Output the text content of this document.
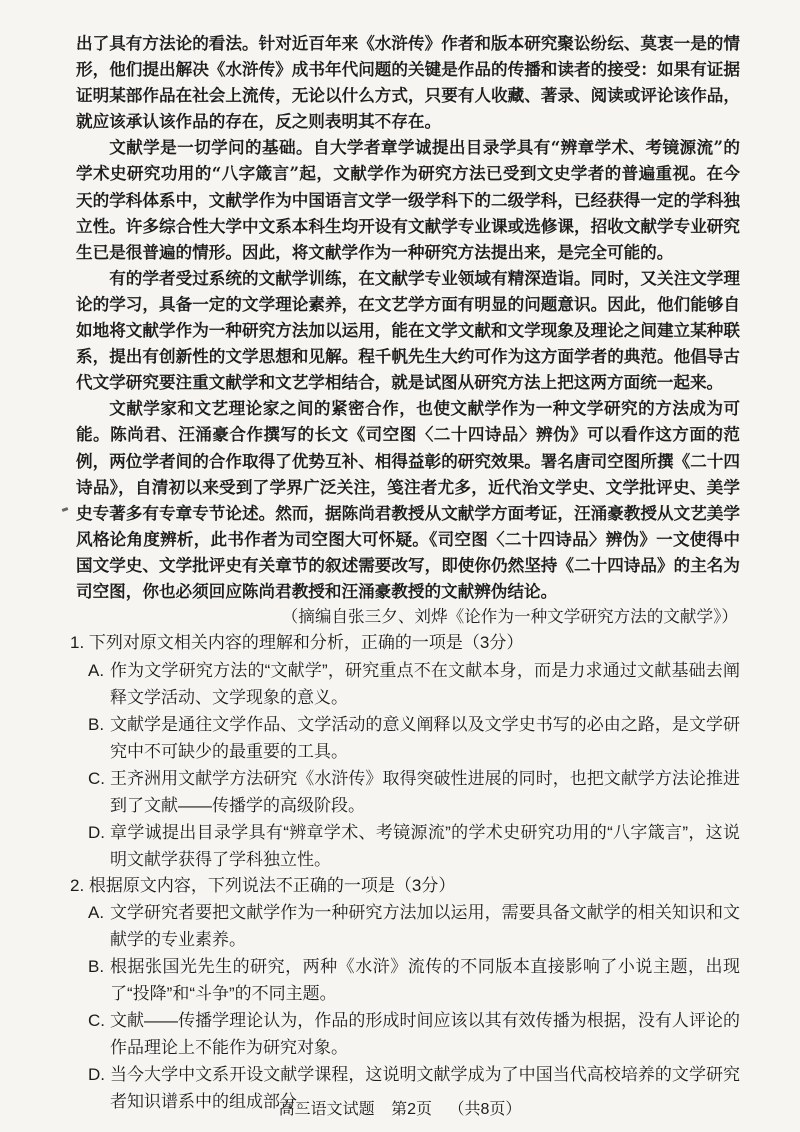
出了具有方法论的看法。针对近百年来《水浒传》作者和版本研究聚讼纷纭、莫衷一是的情形，他们提出解决《水浒传》成书年代问题的关键是作品的传播和读者的接受：如果有证据证明某部作品在社会上流传，无论以什么方式，只要有人收藏、著录、阅读或评论该作品，就应该承认该作品的存在，反之则表明其不存在。

文献学是一切学问的基础。自大学者章学诚提出目录学具有“辨章学术、考镜源流”的学术史研究功用的“八字箴言”起，文献学作为研究方法已受到文史学者的普遍重视。在今天的学科体系中，文献学作为中国语言文学一级学科下的二级学科，已经获得一定的学科独立性。许多综合性大学中文系本科生均开设有文献学专业课或选修课，招收文献学专业研究生已是很普遍的情形。因此，将文献学作为一种研究方法提出来，是完全可能的。

有的学者受过系统的文献学训练，在文献学专业领域有精深造诣。同时，又关注文学理论的学习，具备一定的文学理论素养，在文艺学方面有明显的问题意识。因此，他们能够自如地将文献学作为一种研究方法加以运用，能在文学文献和文学现象及理论之间建立某种联系，提出有创新性的文学思想和见解。程千帆先生大约可作为这方面学者的典范。他倡导古代文学研究要注重文献学和文艺学相结合，就是试图从研究方法上把这两方面统一起来。

文献学家和文艺理论家之间的紧密合作，也使文献学作为一种文学研究的方法成为可能。陈尚君、汪涌豪合作撰写的长文《司空图〈二十四诗品〉辨伪》可以看作这方面的范例，两位学者间的合作取得了优势互补、相得益彰的研究效果。署名唐司空图所撰《二十四诗品》，自清初以来受到了学界广泛关注，笺注者尤多，近代治文学史、文学批评史、美学史专著多有专章专节论述。然而，据陈尚君教授从文献学方面考证，汪涌豪教授从文艺美学风格论角度辨析，此书作者为司空图大可怀疑。《司空图〈二十四诗品〉辨伪》一文使得中国文学史、文学批评史有关章节的叙述需要改写，即使你仍然坚持《二十四诗品》的主名为司空图，你也必须回应陈尚君教授和汪涌豪教授的文献辨伪结论。

（摘编自张三夕、刘烨《论作为一种文学研究方法的文献学》）

1. 下列对原文相关内容的理解和分析，正确的一项是（3分）

A. 作为文学研究方法的“文献学”，研究重点不在文献本身，而是力求通过文献基础去阐释文学活动、文学现象的意义。
B. 文献学是通往文学作品、文学活动的意义阐释以及文学史书写的必由之路，是文学研究中不可缺少的最重要的工具。
C. 王齐洲用文献学方法研究《水浒传》取得突破性进展的同时，也把文献学方法论推进到了文献——传播学的高级阶段。
D. 章学诚提出目录学具有“辨章学术、考镜源流”的学术史研究功用的“八字箴言”，这说明文献学获得了学科独立性。

2. 根据原文内容，下列说法不正确的一项是（3分）

A. 文学研究者要把文献学作为一种研究方法加以运用，需要具备文献学的相关知识和文献学的专业素养。
B. 根据张国光先生的研究，两种《水浒》流传的不同版本直接影响了小说主题，出现了“投降”和“斗争”的不同主题。
C. 文献——传播学理论认为，作品的形成时间应该以其有效传播为根据，没有人评论的作品理论上不能作为研究对象。
D. 当今大学中文系开设文献学课程，这说明文献学成为了中国当代高校培养的文学研究者知识谱系中的组成部分。
高三语文试题 第2页 （共8页）
